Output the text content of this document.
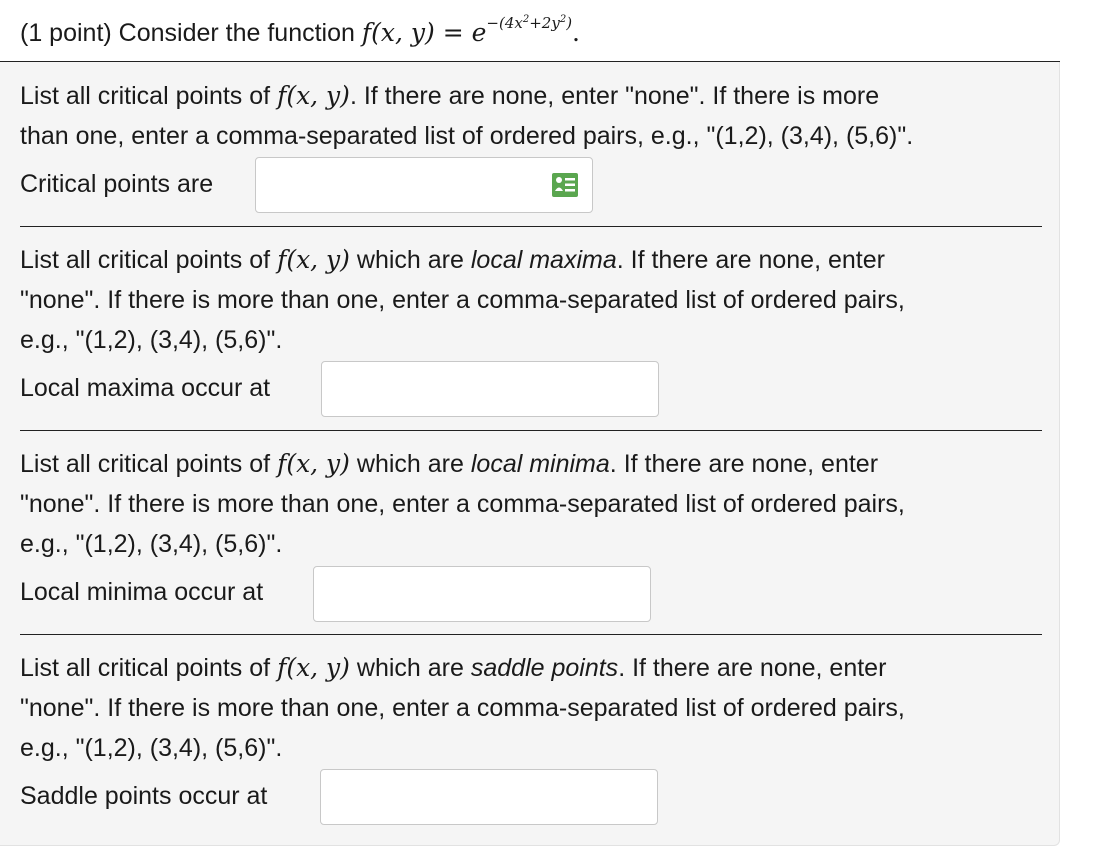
(1 point) Consider the function f(x, $y) = e^{-(4x^2+2y^2)}$.
List all critical points of f(x, y). If there are none, enter "none". If there is more
than one, enter a comma-separated list of ordered pairs, e.g., "(1,2), (3,4), (5,6)".
Critical points are
List all critical points of f(x, y) which are local maxima. If there are none, enter
"none". If there is more than one, enter a comma-separated list of ordered pairs,
e.g., "(1,2), (3,4), (5,6)".
Local maxima occur at
List all critical points of f(x, y) which are local minima. If there are none, enter
"none". If there is more than one, enter a comma-separated list of ordered pairs,
e.g., "(1,2), (3,4), (5,6)".
Local minima occur at
List all critical points of f(x, y) which are saddle points. If there are none, enter
"none". If there is more than one, enter a comma-separated list of ordered pairs,
e.g., "(1,2), (3,4), (5,6)".
Saddle points occur at
